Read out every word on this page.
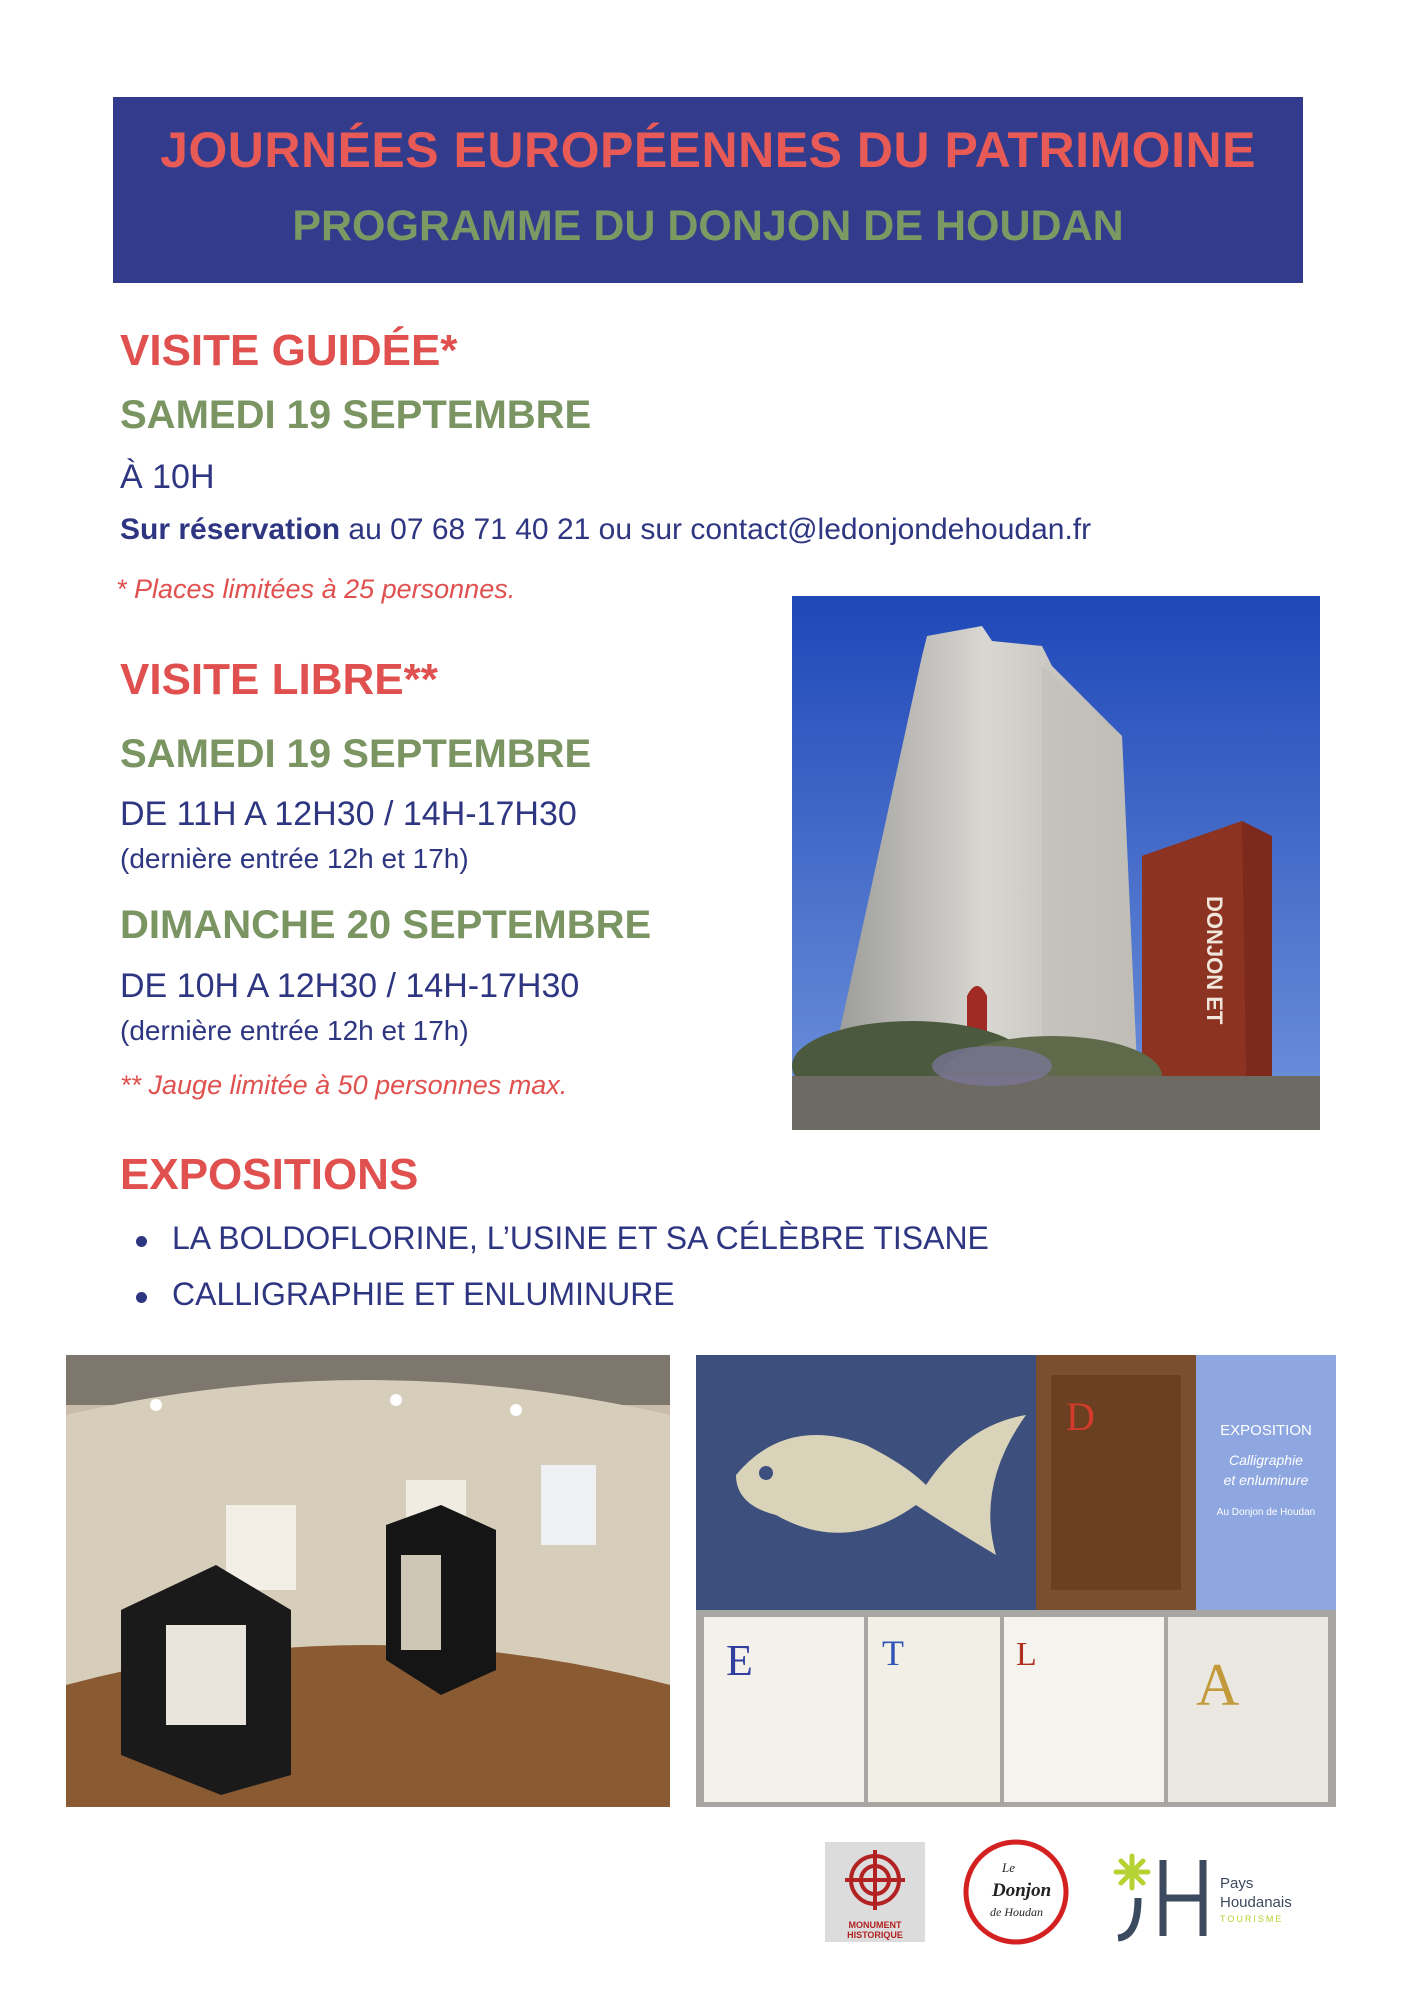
JOURNÉES EUROPÉENNES DU PATRIMOINE
PROGRAMME DU DONJON DE HOUDAN
VISITE GUIDÉE*
SAMEDI 19 SEPTEMBRE
À 10H
Sur réservation au 07 68 71 40 21 ou sur contact@ledonjondehoudan.fr
* Places limitées à 25 personnes.
VISITE LIBRE**
SAMEDI 19 SEPTEMBRE
DE 11H A 12H30 / 14H-17H30
(dernière entrée 12h et 17h)
DIMANCHE 20 SEPTEMBRE
DE 10H A 12H30 / 14H-17H30
(dernière entrée 12h et 17h)
** Jauge limitée à 50 personnes max.
DONJON ET
EXPOSITIONS
LA BOLDOFLORINE, L’USINE ET SA CÉLÈBRE TISANE
CALLIGRAPHIE ET ENLUMINURE
D	EXPOSITION
Calligraphie
et enluminure
Au Donjon de Houdan
E	T	L	A
MONUMENT
HISTORIQUE
Le
Donjon
de Houdan
Pays
Houdanais
TOURISME
